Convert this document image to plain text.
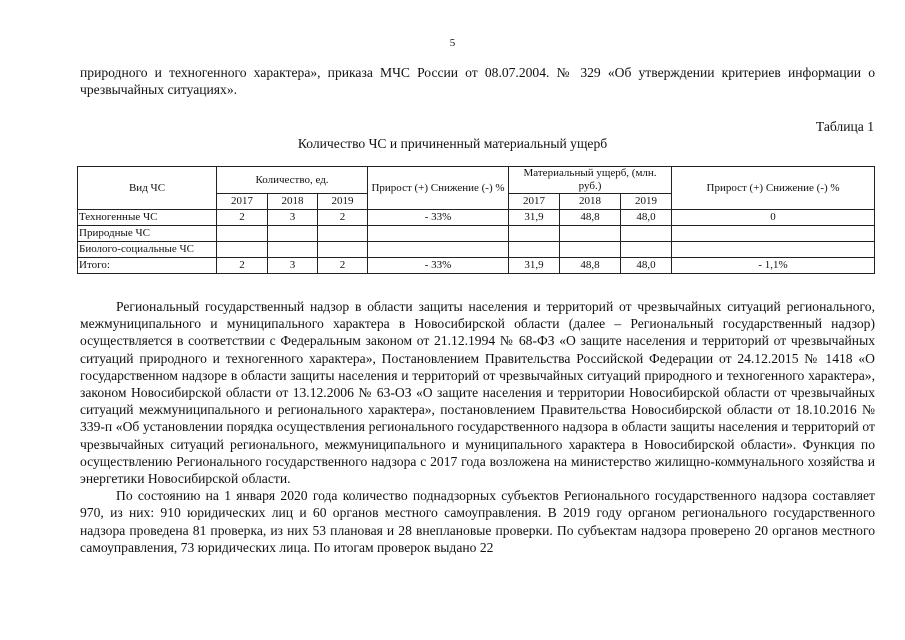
5
природного и техногенного характера», приказа МЧС России от 08.07.2004. № 329 «Об утверждении критериев информации о чрезвычайных ситуациях».
Таблица 1
Количество ЧС и причиненный материальный ущерб
Вид ЧС	Количество, ед.			Прирост (+) Снижение (-) %	Материальный ущерб, (млн. руб.)			Прирост (+) Снижение (-) %
	2017	2018	2019		2017	2018	2019	
Техногенные ЧС	2	3	2	- 33%	31,9	48,8	48,0	0
Природные ЧС								
Биолого-социальные ЧС								
Итого:	2	3	2	- 33%	31,9	48,8	48,0	- 1,1%

Региональный государственный надзор в области защиты населения и территорий от чрезвычайных ситуаций регионального, межмуниципального и муниципального характера в Новосибирской области (далее – Региональный государственный надзор) осуществляется в соответствии с Федеральным законом от 21.12.1994 № 68-ФЗ «О защите населения и территорий от чрезвычайных ситуаций природного и техногенного характера», Постановлением Правительства Российской Федерации от 24.12.2015 № 1418 «О государственном надзоре в области защиты населения и территорий от чрезвычайных ситуаций природного и техногенного характера», законом Новосибирской области от 13.12.2006 № 63-ОЗ «О защите населения и территории Новосибирской области от чрезвычайных ситуаций межмуниципального и регионального характера», постановлением Правительства Новосибирской области от 18.10.2016 № 339-п «Об установлении порядка осуществления регионального государственного надзора в области защиты населения и территорий от чрезвычайных ситуаций регионального, межмуниципального и муниципального характера в Новосибирской области». Функция по осуществлению Регионального государственного надзора с 2017 года возложена на министерство жилищно-коммунального хозяйства и энергетики Новосибирской области.

По состоянию на 1 января 2020 года количество поднадзорных субъектов Регионального государственного надзора составляет 970, из них: 910 юридических лиц и 60 органов местного самоуправления. В 2019 году органом регионального государственного надзора проведена 81 проверка, из них 53 плановая и 28 внеплановые проверки. По субъектам надзора проверено 20 органов местного самоуправления, 73 юридических лица. По итогам проверок выдано 22
